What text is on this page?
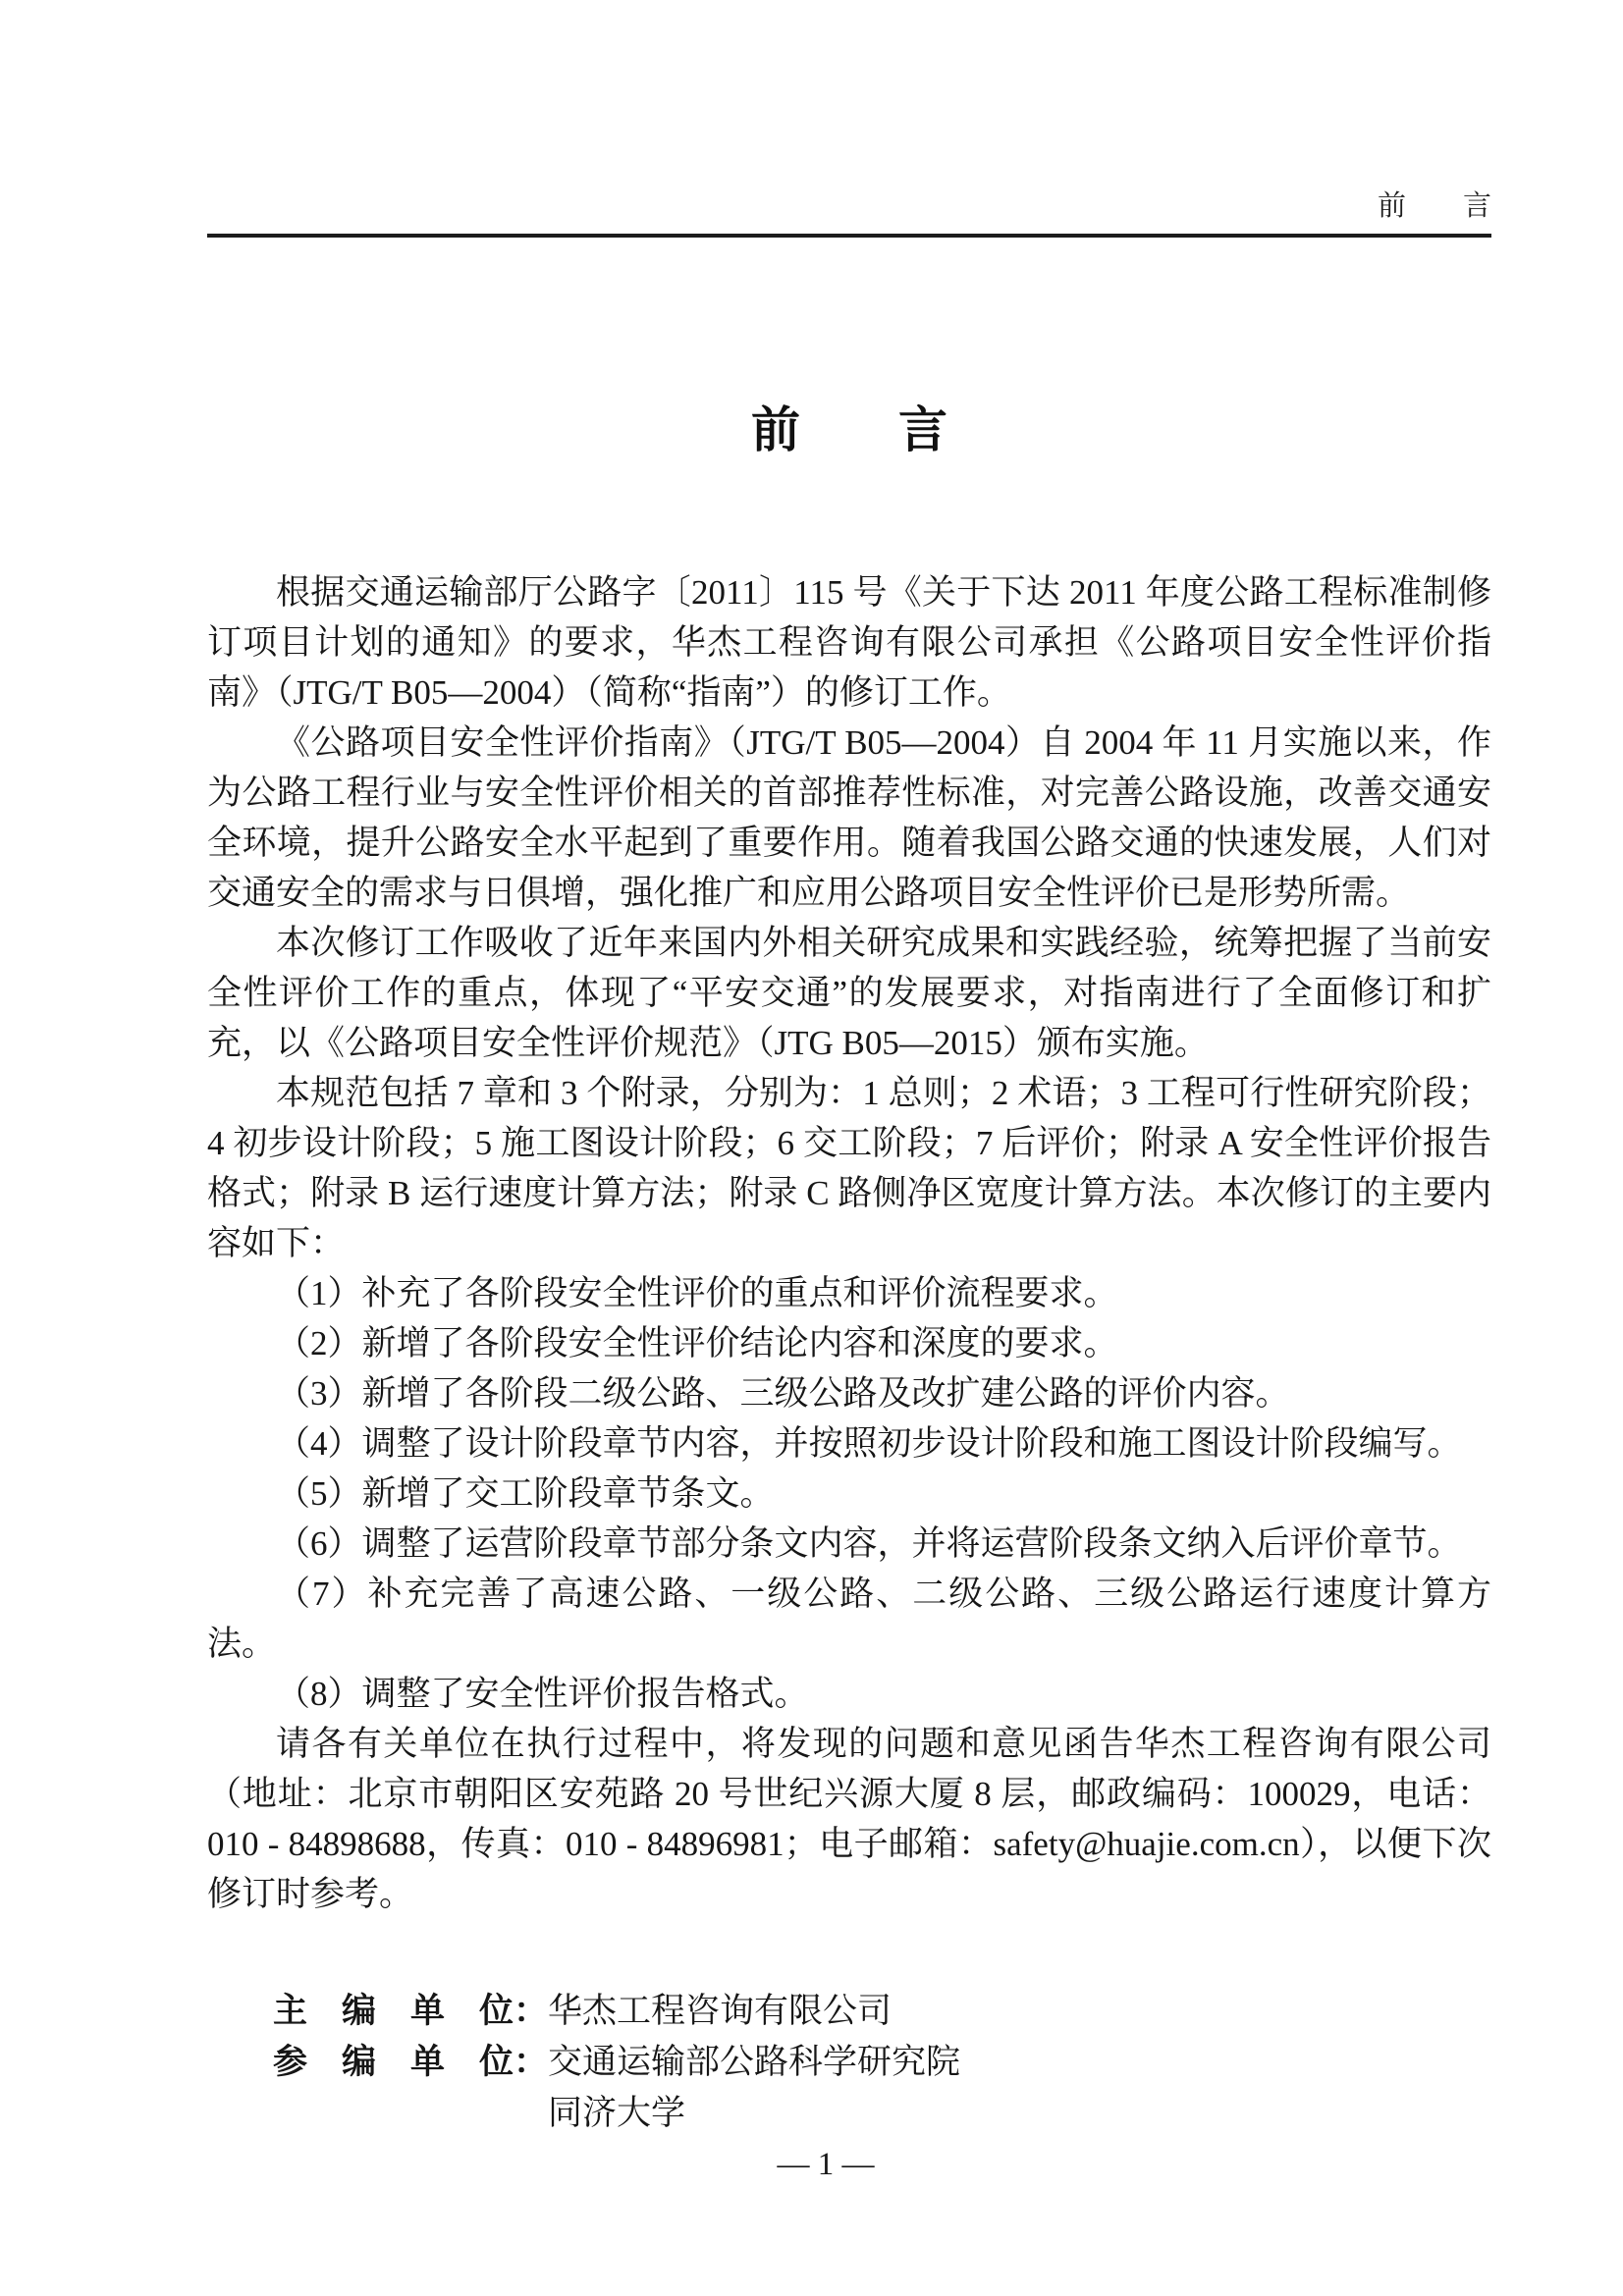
前　　言
前　　言

根据交通运输部厅公路字〔2011〕115 号《关于下达 2011 年度公路工程标准制修订项目计划的通知》的要求，华杰工程咨询有限公司承担《公路项目安全性评价指南》（JTG/T B05—2004）（简称“指南”）的修订工作。

《公路项目安全性评价指南》（JTG/T B05—2004）自 2004 年 11 月实施以来，作为公路工程行业与安全性评价相关的首部推荐性标准，对完善公路设施，改善交通安全环境，提升公路安全水平起到了重要作用。随着我国公路交通的快速发展，人们对交通安全的需求与日俱增，强化推广和应用公路项目安全性评价已是形势所需。

本次修订工作吸收了近年来国内外相关研究成果和实践经验，统筹把握了当前安全性评价工作的重点，体现了“平安交通”的发展要求，对指南进行了全面修订和扩充，以《公路项目安全性评价规范》（JTG B05—2015）颁布实施。

本规范包括 7 章和 3 个附录，分别为：1 总则；2 术语；3 工程可行性研究阶段；4 初步设计阶段；5 施工图设计阶段；6 交工阶段；7 后评价；附录 A 安全性评价报告格式；附录 B 运行速度计算方法；附录 C 路侧净区宽度计算方法。本次修订的主要内容如下：

（1）补充了各阶段安全性评价的重点和评价流程要求。
（2）新增了各阶段安全性评价结论内容和深度的要求。
（3）新增了各阶段二级公路、三级公路及改扩建公路的评价内容。
（4）调整了设计阶段章节内容，并按照初步设计阶段和施工图设计阶段编写。
（5）新增了交工阶段章节条文。
（6）调整了运营阶段章节部分条文内容，并将运营阶段条文纳入后评价章节。
（7）补充完善了高速公路、一级公路、二级公路、三级公路运行速度计算方法。
（8）调整了安全性评价报告格式。

请各有关单位在执行过程中，将发现的问题和意见函告华杰工程咨询有限公司（地址：北京市朝阳区安苑路 20 号世纪兴源大厦 8 层，邮政编码：100029，电话：010 - 84898688，传真：010 - 84896981；电子邮箱：safety@huajie.com.cn），以便下次修订时参考。

主　编　单　位： 华杰工程咨询有限公司
参　编　单　位： 交通运输部公路科学研究院
同济大学
— 1 —
